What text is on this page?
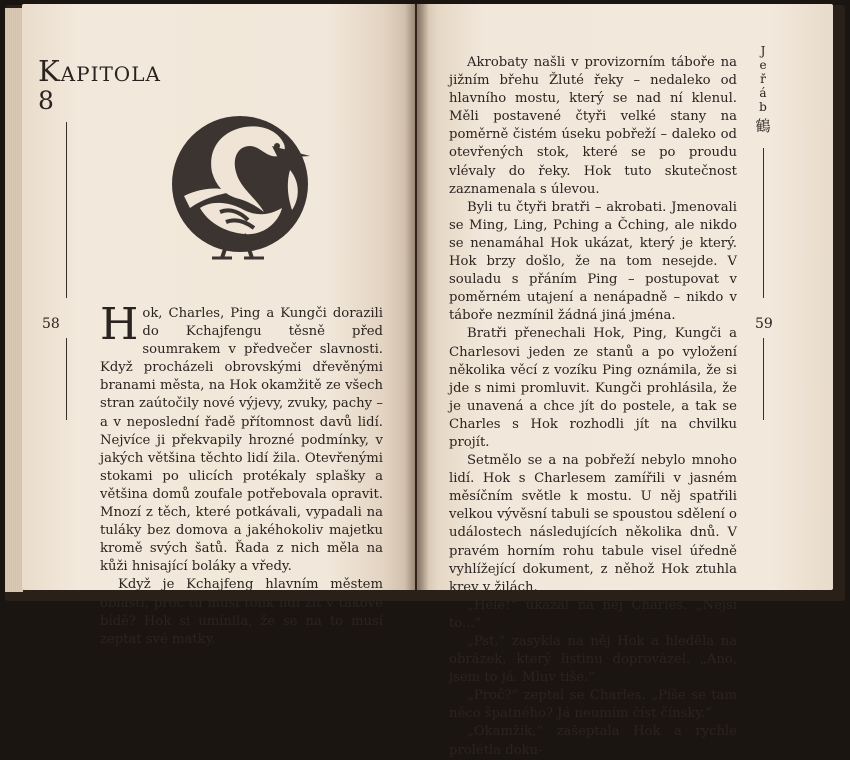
Kapitola
8
58 Hok, Charles, Ping a Kungči dorazili do Kchajfengu těsně před soumrakem v předvečer slavnosti. Když procházeli obrovskými dřevěnými branami města, na Hok okamžitě ze všech stran zaútočily nové výjevy, zvuky, pachy – a v neposlední řadě přítomnost davů lidí. Nejvíce ji překvapily hrozné podmínky, v jakých většina těchto lidí žila. Otevřenými stokami po ulicích protékaly splašky a většina domů zoufale potřebovala opravit. Mnozí z těch, které potkávali, vypadali na tuláky bez domova a jakéhokoliv majetku kromě svých šatů. Řada z nich měla na kůži hnisající boláky a vředy.

Když je Kchajfeng hlavním městem oblasti, proč tu musí tolik lidí žít v takové bídě? Hok si umínila, že se na to musí zeptat své matky.

Akrobaty našli v provizorním táboře na jižním břehu Žluté řeky – nedaleko od hlavního mostu, který se nad ní klenul. Měli postavené čtyři velké stany na poměrně čistém úseku pobřeží – daleko od otevřených stok, které se po proudu vlévaly do řeky. Hok tuto skutečnost zaznamenala s úlevou.

Byli tu čtyři bratři – akrobati. Jmenovali se Ming, Ling, Pching a Čching, ale nikdo se nenamáhal Hok ukázat, který je který. Hok brzy došlo, že na tom nesejde. V souladu s přáním Ping – postupovat v poměrném utajení a nenápadně – nikdo v táboře nezmínil žádná jiná jména.

Bratři přenechali Hok, Ping, Kungči a Charlesovi jeden ze stanů a po vyložení několika věcí z vozíku Ping oznámila, že si jde s nimi promluvit. Kungči prohlásila, že je unavená a chce jít do postele, a tak se Charles s Hok rozhodli jít na chvilku projít.

Setmělo se a na pobřeží nebylo mnoho lidí. Hok s Charlesem zamířili v jasném měsíčním světle k mostu. U něj spatřili velkou vývěsní tabuli se spoustou sdělení o událostech následujících několika dnů. V pravém horním rohu tabule visel úředně vyhlížející dokument, z něhož Hok ztuhla krev v žilách.

„Hele!“ ukázal na něj Charles. „Nejsi to...“

„Pst,“ zasykla na něj Hok a hleděla na obrázek, který listinu doprovázel. „Ano, jsem to já. Mluv tiše.“

„Proč?“ zeptal se Charles. „Píše se tam něco špatného? Já neumím číst čínsky.“

„Okamžik,“ zašeptala Hok a rychle prolétla doku-

J
e
ř
á
b
鶴
59
